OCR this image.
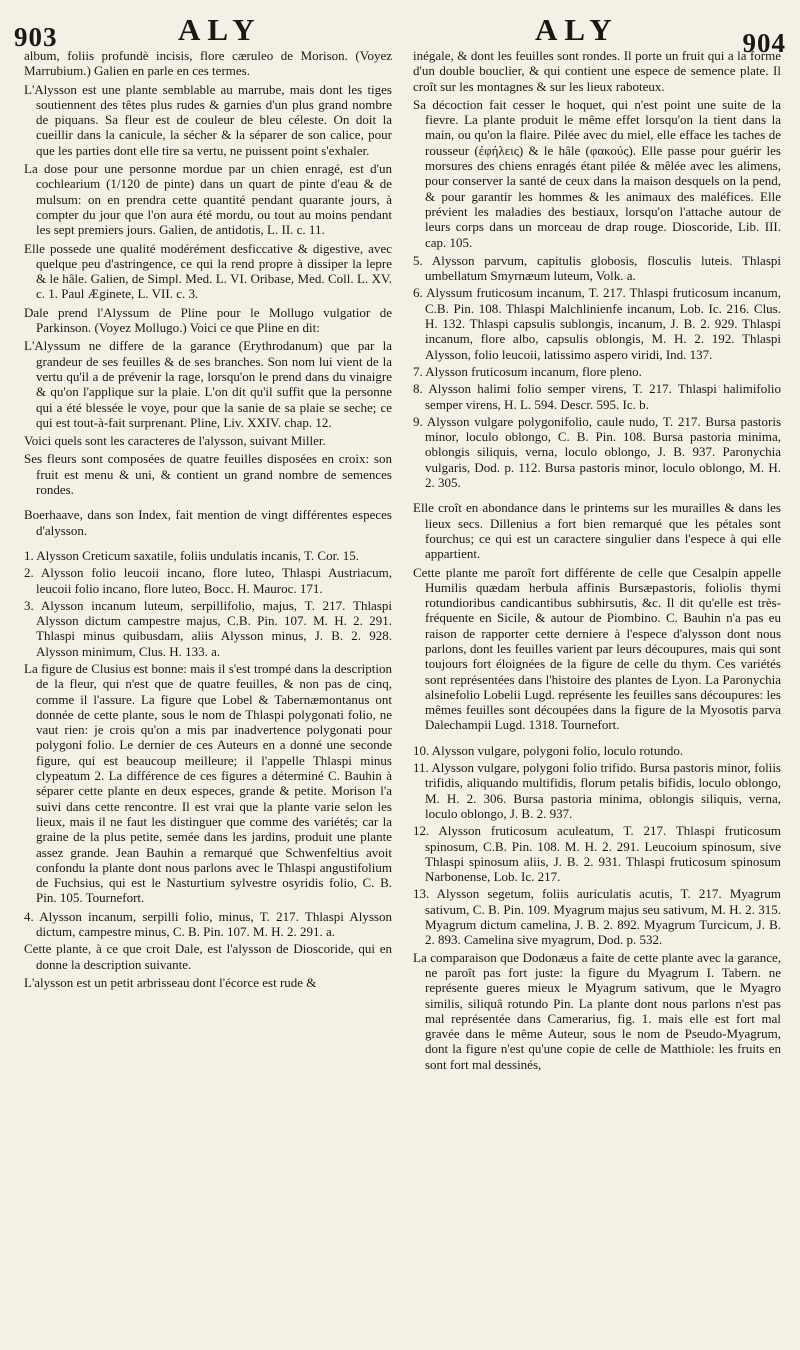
903	ALY	ALY	904

album, foliis profundè incisis, flore cæruleo de Morison. (Voyez Marrubium.) Galien en parle en ces termes.

L'Alysson est une plante semblable au marrube, mais dont les tiges soutiennent des têtes plus rudes & garnies d'un plus grand nombre de piquans. Sa fleur est de couleur de bleu céleste. On doit la cueillir dans la canicule, la sécher & la séparer de son calice, pour que les parties dont elle tire sa vertu, ne puissent point s'exhaler.

La dose pour une personne mordue par un chien enragé, est d'un cochlearium (1/120 de pinte) dans un quart de pinte d'eau & de mulsum: on en prendra cette quantité pendant quarante jours, à compter du jour que l'on aura été mordu, ou tout au moins pendant les sept premiers jours. Galien, de antidotis, L. II. c. 11.

Elle possede une qualité modérément desficcative & digestive, avec quelque peu d'astringence, ce qui la rend propre à dissiper la lepre & le hâle. Galien, de Simpl. Med. L. VI. Oribase, Med. Coll. L. XV. c. 1. Paul Æginete, L. VII. c. 3.

Dale prend l'Alyssum de Pline pour le Mollugo vulgatior de Parkinson. (Voyez Mollugo.) Voici ce que Pline en dit:

L'Alyssum ne differe de la garance (Erythrodanum) que par la grandeur de ses feuilles & de ses branches. Son nom lui vient de la vertu qu'il a de prévenir la rage, lorsqu'on le prend dans du vinaigre & qu'on l'applique sur la plaie. L'on dit qu'il suffit que la personne qui a été blessée le voye, pour que la sanie de sa plaie se seche; ce qui est tout-à-fait surprenant. Pline, Liv. XXIV. chap. 12.

Voici quels sont les caracteres de l'alysson, suivant Miller.

Ses fleurs sont composées de quatre feuilles disposées en croix: son fruit est menu & uni, & contient un grand nombre de semences rondes.

Boerhaave, dans son Index, fait mention de vingt différentes especes d'alysson.

1. Alysson Creticum saxatile, foliis undulatis incanis, T. Cor. 15.

2. Alysson folio leucoii incano, flore luteo, Thlaspi Austriacum, leucoii folio incano, flore luteo, Bocc. H. Mauroc. 171.

3. Alysson incanum luteum, serpillifolio, majus, T. 217. Thlaspi Alysson dictum campestre majus, C.B. Pin. 107. M. H. 2. 291. Thlaspi minus quibusdam, aliis Alysson minus, J. B. 2. 928. Alysson minimum, Clus. H. 133. a.

La figure de Clusius est bonne: mais il s'est trompé dans la description de la fleur, qui n'est que de quatre feuilles, & non pas de cinq, comme il l'assure. La figure que Lobel & Tabernæmontanus ont donnée de cette plante, sous le nom de Thlaspi polygonati folio, ne vaut rien: je crois qu'on a mis par inadvertence polygonati pour polygoni folio. Le dernier de ces Auteurs en a donné une seconde figure, qui est beaucoup meilleure; il l'appelle Thlaspi minus clypeatum 2. La différence de ces figures a déterminé C. Bauhin à séparer cette plante en deux especes, grande & petite. Morison l'a suivi dans cette rencontre. Il est vrai que la plante varie selon les lieux, mais il ne faut les distinguer que comme des variétés; car la graine de la plus petite, semée dans les jardins, produit une plante assez grande. Jean Bauhin a remarqué que Schwenfeltius avoit confondu la plante dont nous parlons avec le Thlaspi angustifolium de Fuchsius, qui est le Nasturtium sylvestre osyridis folio, C. B. Pin. 105. Tournefort.

4. Alysson incanum, serpilli folio, minus, T. 217. Thlaspi Alysson dictum, campestre minus, C. B. Pin. 107. M. H. 2. 291. a.

Cette plante, à ce que croit Dale, est l'alysson de Dioscoride, qui en donne la description suivante.

L'alysson est un petit arbrisseau dont l'écorce est rude &

inégale, & dont les feuilles sont rondes. Il porte un fruit qui a la forme d'un double bouclier, & qui contient une espece de semence plate. Il croît sur les montagnes & sur les lieux raboteux.

Sa décoction fait cesser le hoquet, qui n'est point une suite de la fievre. La plante produit le même effet lorsqu'on la tient dans la main, ou qu'on la flaire. Pilée avec du miel, elle efface les taches de rousseur (ἐφήλεις) & le hâle (φακούς). Elle passe pour guérir les morsures des chiens enragés étant pilée & mêlée avec les alimens, pour conserver la santé de ceux dans la maison desquels on la pend, & pour garantir les hommes & les animaux des maléfices. Elle prévient les maladies des bestiaux, lorsqu'on l'attache autour de leurs corps dans un morceau de drap rouge. Dioscoride, Lib. III. cap. 105.

5. Alysson parvum, capitulis globosis, flosculis luteis. Thlaspi umbellatum Smyrnæum luteum, Volk. a.

6. Alyssum fruticosum incanum, T. 217. Thlaspi fruticosum incanum, C.B. Pin. 108. Thlaspi Malchlinienfe incanum, Lob. Ic. 216. Clus. H. 132. Thlaspi capsulis sublongis, incanum, J. B. 2. 929. Thlaspi incanum, flore albo, capsulis oblongis, M. H. 2. 192. Thlaspi Alysson, folio leucoii, latissimo aspero viridi, Ind. 137.

7. Alysson fruticosum incanum, flore pleno.

8. Alysson halimi folio semper virens, T. 217. Thlaspi halimifolio semper virens, H. L. 594. Descr. 595. Ic. b.

9. Alysson vulgare polygonifolio, caule nudo, T. 217. Bursa pastoris minor, loculo oblongo, C. B. Pin. 108. Bursa pastoria minima, oblongis siliquis, verna, loculo oblongo, J. B. 937. Paronychia vulgaris, Dod. p. 112. Bursa pastoris minor, loculo oblongo, M. H. 2. 305.

Elle croît en abondance dans le printems sur les murailles & dans les lieux secs. Dillenius a fort bien remarqué que les pétales sont fourchus; ce qui est un caractere singulier dans l'espece à qui elle appartient.

Cette plante me paroît fort différente de celle que Cesalpin appelle Humilis quædam herbula affinis Bursæpastoris, foliolis thymi rotundioribus candicantibus subhirsutis, &c. Il dit qu'elle est très-fréquente en Sicile, & autour de Piombino. C. Bauhin n'a pas eu raison de rapporter cette derniere à l'espece d'alysson dont nous parlons, dont les feuilles varient par leurs découpures, mais qui sont toujours fort éloignées de la figure de celle du thym. Ces variétés sont représentées dans l'histoire des plantes de Lyon. La Paronychia alsinefolio Lobelii Lugd. représente les feuilles sans découpures: les mêmes feuilles sont découpées dans la figure de la Myosotis parva Dalechampii Lugd. 1318. Tournefort.

10. Alysson vulgare, polygoni folio, loculo rotundo.

11. Alysson vulgare, polygoni folio trifido. Bursa pastoris minor, foliis trifidis, aliquando multifidis, florum petalis bifidis, loculo oblongo, M. H. 2. 306. Bursa pastoria minima, oblongis siliquis, verna, loculo oblongo, J. B. 2. 937.

12. Alysson fruticosum aculeatum, T. 217. Thlaspi fruticosum spinosum, C.B. Pin. 108. M. H. 2. 291. Leucoium spinosum, sive Thlaspi spinosum aliis, J. B. 2. 931. Thlaspi fruticosum spinosum Narbonense, Lob. Ic. 217.

13. Alysson segetum, foliis auriculatis acutis, T. 217. Myagrum sativum, C. B. Pin. 109. Myagrum majus seu sativum, M. H. 2. 315. Myagrum dictum camelina, J. B. 2. 892. Myagrum Turcicum, J. B. 2. 893. Camelina sive myagrum, Dod. p. 532.

La comparaison que Dodonæus a faite de cette plante avec la garance, ne paroît pas fort juste: la figure du Myagrum I. Tabern. ne représente gueres mieux le Myagrum sativum, que le Myagro similis, siliquâ rotundo Pin. La plante dont nous parlons n'est pas mal représentée dans Camerarius, fig. 1. mais elle est fort mal gravée dans le même Auteur, sous le nom de Pseudo-Myagrum, dont la figure n'est qu'une copie de celle de Matthiole: les fruits en sont fort mal dessinés,
